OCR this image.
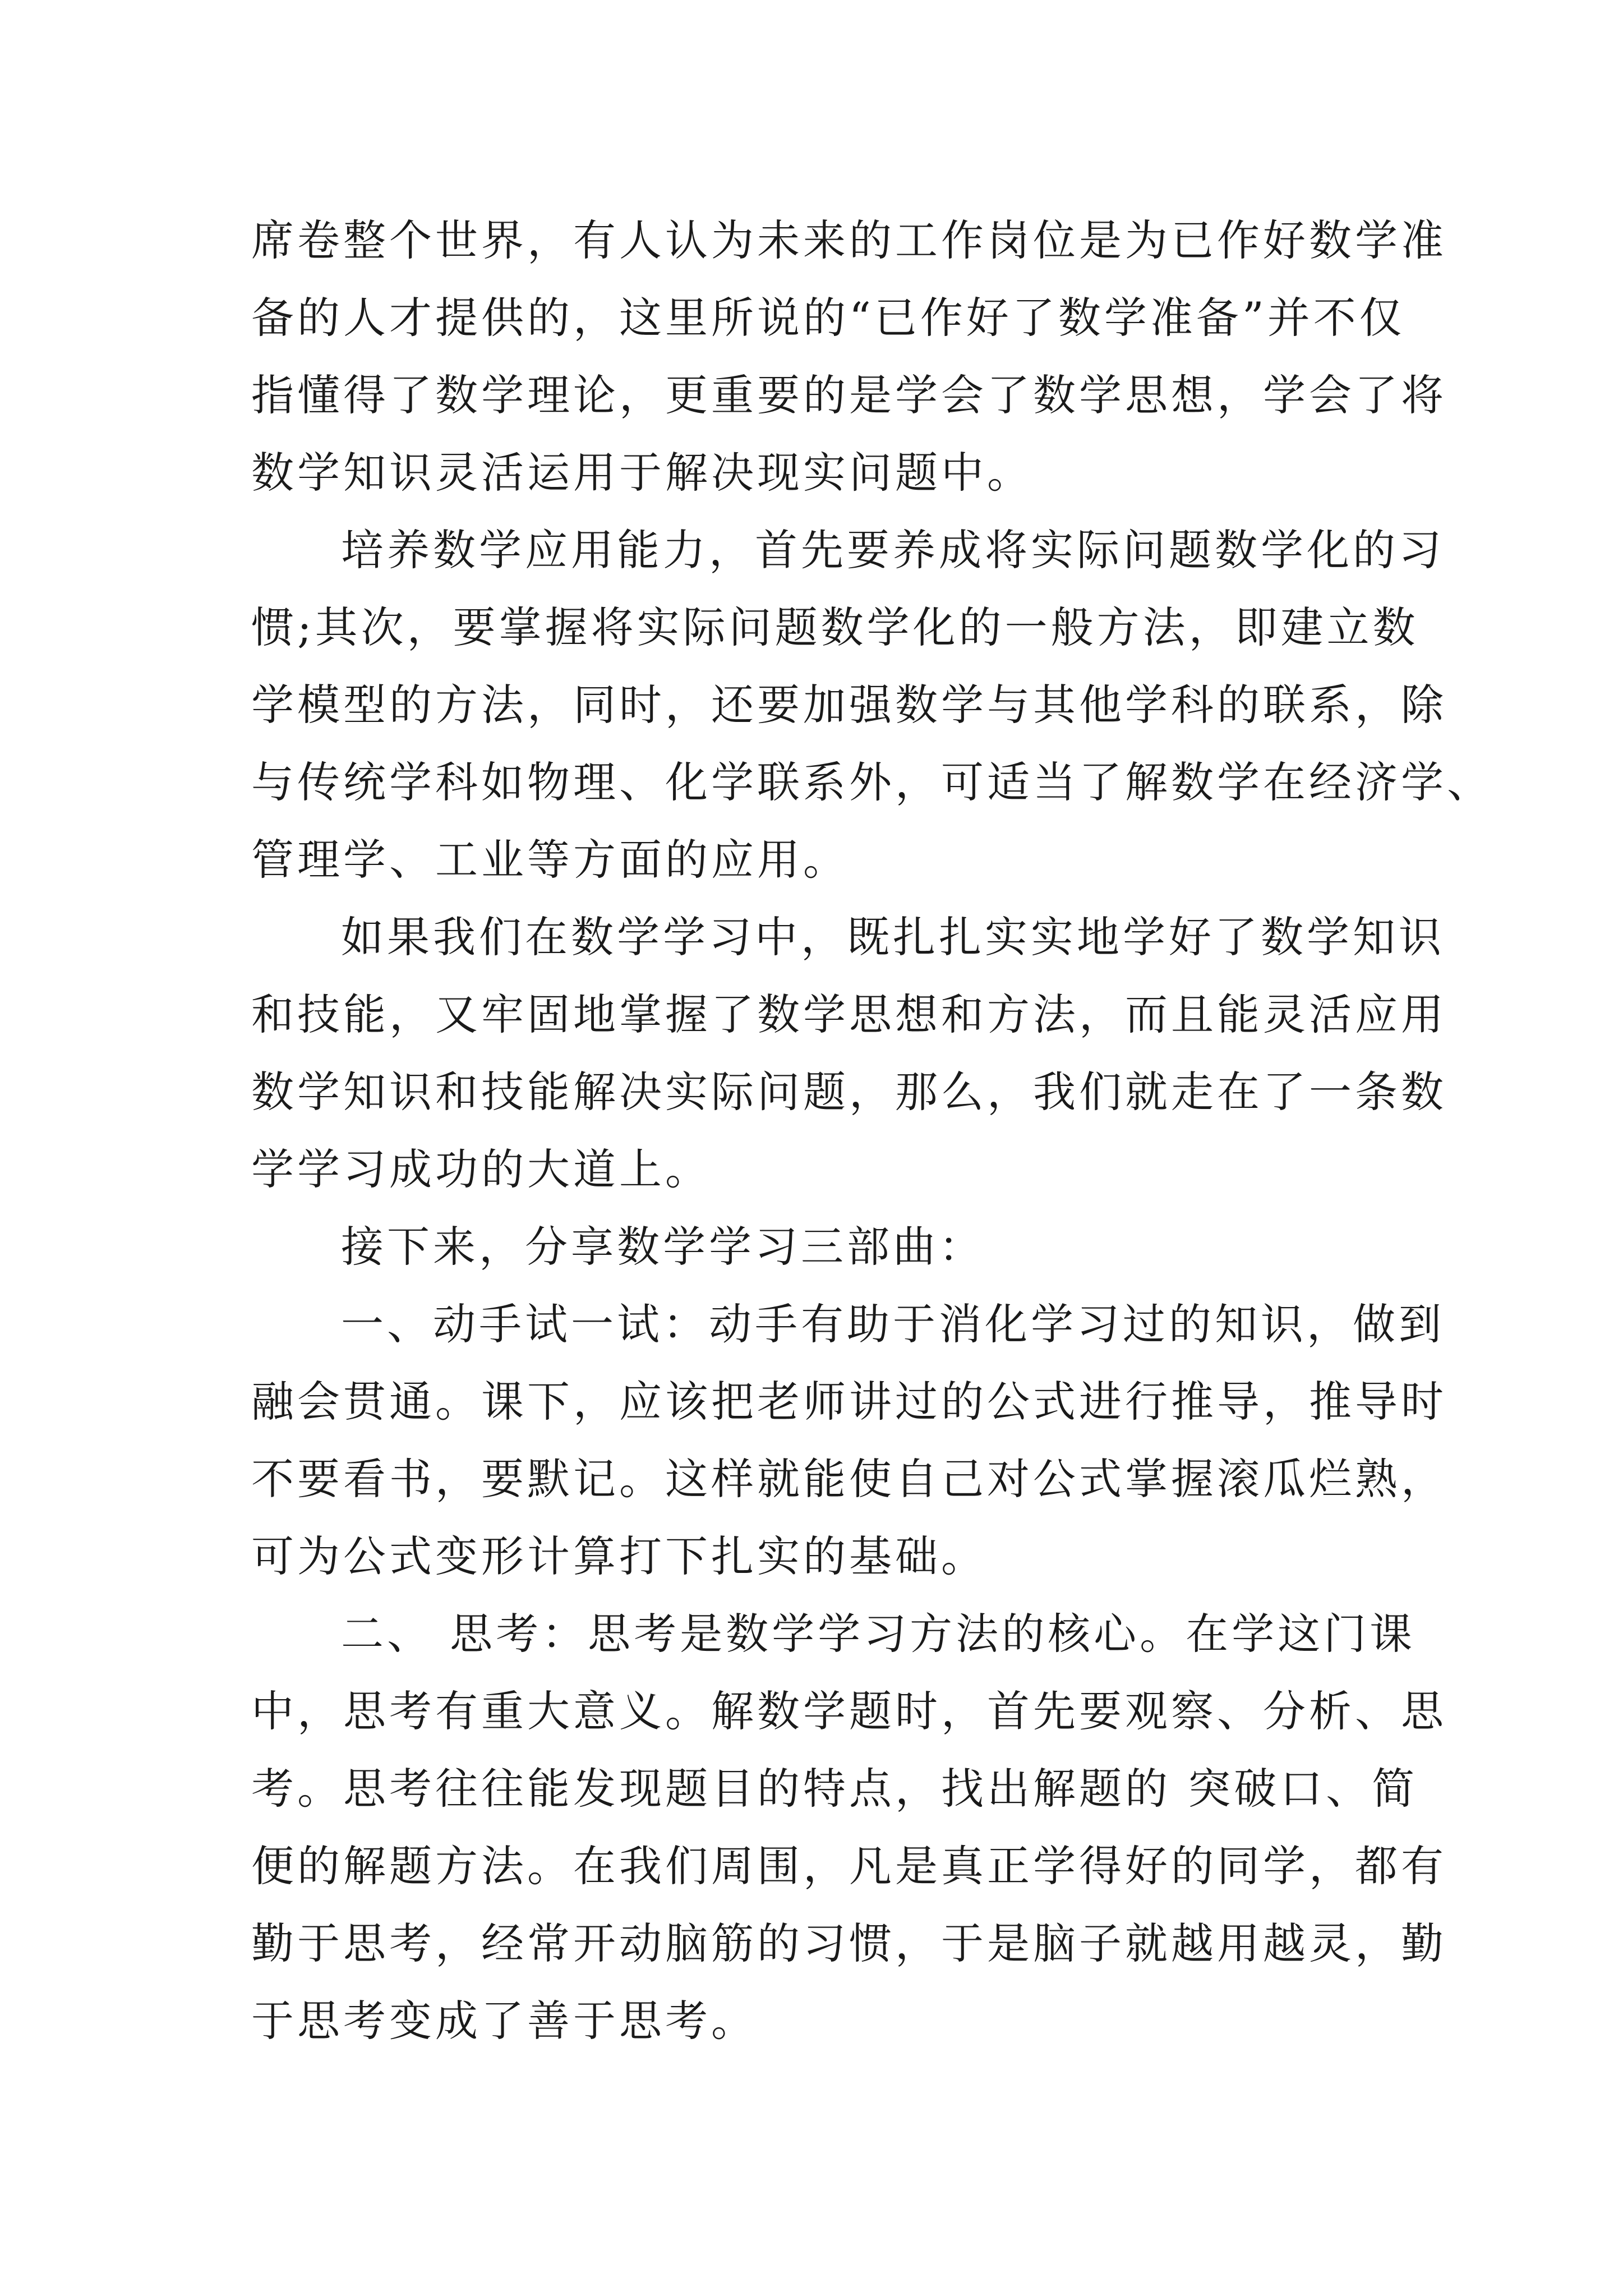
席卷整个世界，有人认为未来的工作岗位是为已作好数学准
备的人才提供的，这里所说的“已作好了数学准备”并不仅
指懂得了数学理论，更重要的是学会了数学思想，学会了将
数学知识灵活运用于解决现实问题中。
培养数学应用能力，首先要养成将实际问题数学化的习
惯;其次，要掌握将实际问题数学化的一般方法，即建立数
学模型的方法，同时，还要加强数学与其他学科的联系，除
与传统学科如物理、化学联系外，可适当了解数学在经济学、
管理学、工业等方面的应用。
如果我们在数学学习中，既扎扎实实地学好了数学知识
和技能，又牢固地掌握了数学思想和方法，而且能灵活应用
数学知识和技能解决实际问题，那么，我们就走在了一条数
学学习成功的大道上。
接下来，分享数学学习三部曲：
一、动手试一试：动手有助于消化学习过的知识，做到
融会贯通。课下，应该把老师讲过的公式进行推导，推导时
不要看书，要默记。这样就能使自己对公式掌握滚瓜烂熟，
可为公式变形计算打下扎实的基础。
二、 思考：思考是数学学习方法的核心。在学这门课
中，思考有重大意义。解数学题时，首先要观察、分析、思
考。思考往往能发现题目的特点，找出解题的 突破口、简
便的解题方法。在我们周围，凡是真正学得好的同学，都有
勤于思考，经常开动脑筋的习惯，于是脑子就越用越灵，勤
于思考变成了善于思考。
